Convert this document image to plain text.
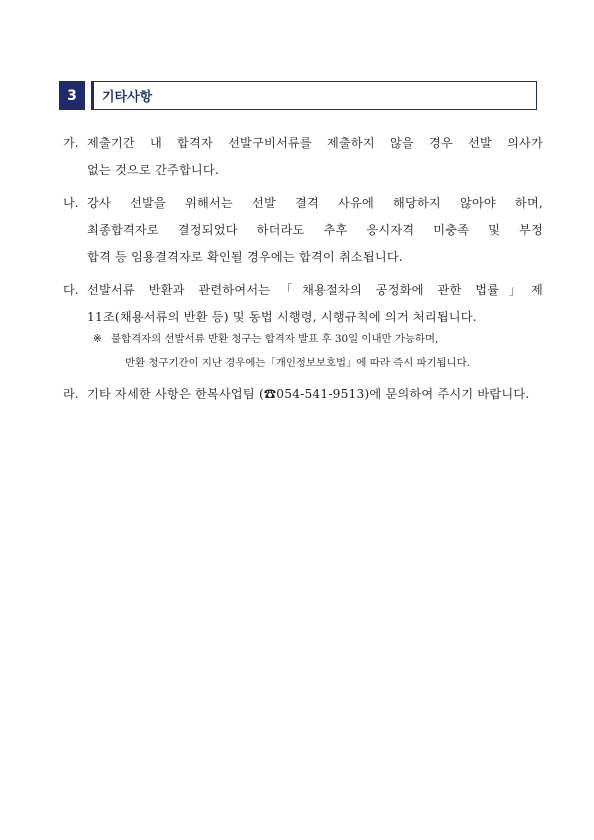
3	기타사항
가. 제출기간 내 합격자 선발구비서류를 제출하지 않을 경우 선발 의사가
없는 것으로 간주합니다.
나. 강사 선발을 위해서는 선발 결격 사유에 해당하지 않아야 하며,
최종합격자로 결정되었다 하더라도 추후 응시자격 미충족 및 부정
합격 등 임용결격자로 확인될 경우에는 합격이 취소됩니다.
다. 선발서류 반환과 관련하여서는「채용절차의 공정화에 관한 법률」제
11조(채용서류의 반환 등) 및 동법 시행령, 시행규칙에 의거 처리됩니다.
※ 불합격자의 선발서류 반환 청구는 합격자 발표 후 30일 이내만 가능하며,
반환 청구기간이 지난 경우에는「개인정보보호법」에 따라 즉시 파기됩니다.
라. 기타 자세한 사항은 한복사업팀 (☎054-541-9513)에 문의하여 주시기 바랍니다.
